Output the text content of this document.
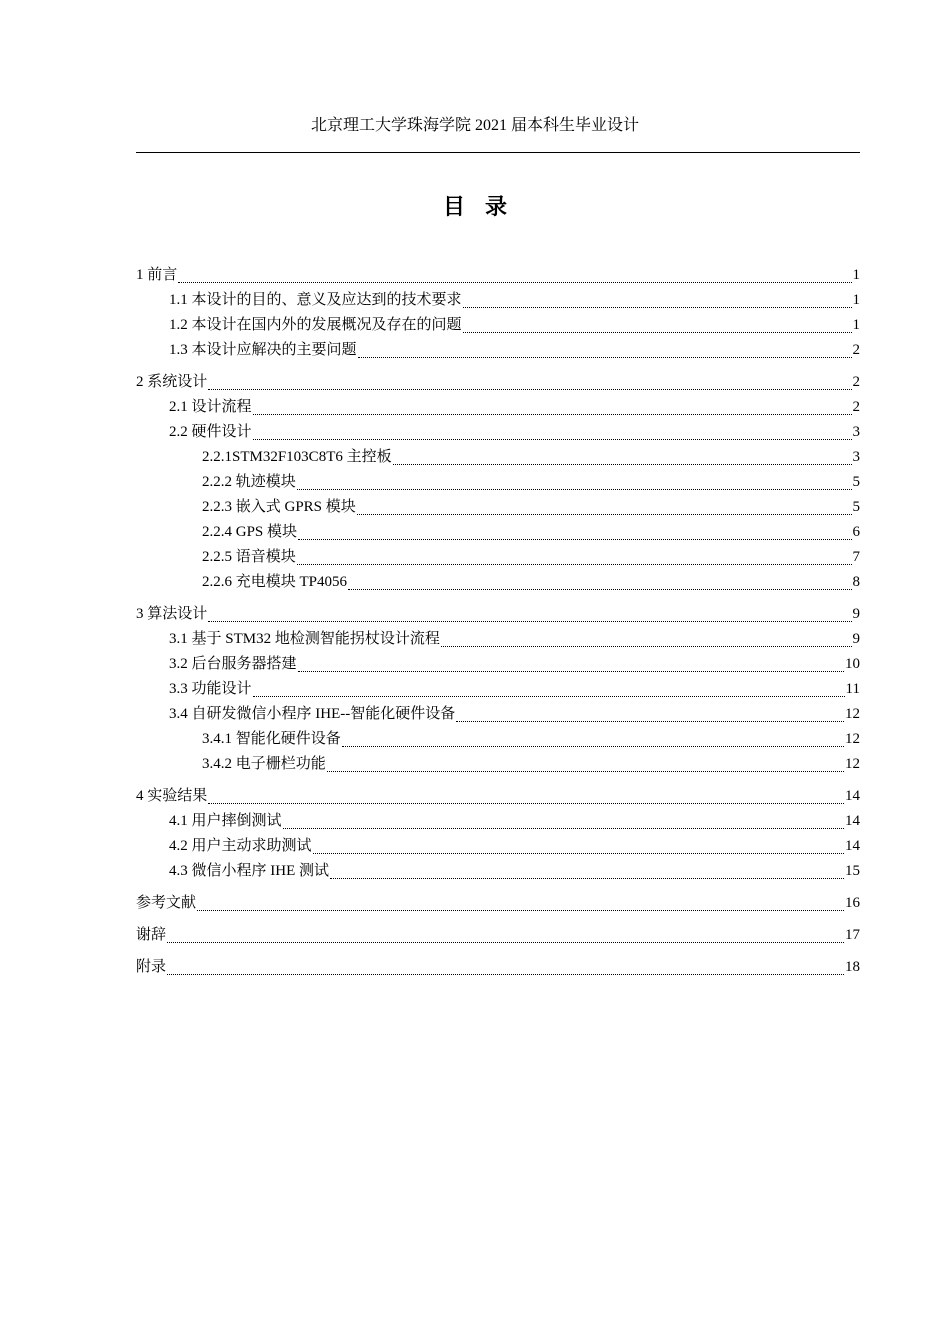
北京理工大学珠海学院 2021 届本科生毕业设计
目录
1 前言	1
1.1 本设计的目的、意义及应达到的技术要求	1
1.2 本设计在国内外的发展概况及存在的问题	1
1.3 本设计应解决的主要问题	2
2 系统设计	2
2.1 设计流程	2
2.2 硬件设计	3
2.2.1STM32F103C8T6 主控板	3
2.2.2 轨迹模块	5
2.2.3 嵌入式 GPRS 模块	5
2.2.4 GPS 模块	6
2.2.5 语音模块	7
2.2.6 充电模块 TP4056	8
3 算法设计	9
3.1 基于 STM32 地检测智能拐杖设计流程	9
3.2 后台服务器搭建	10
3.3 功能设计	11
3.4 自研发微信小程序 IHE--智能化硬件设备	12
3.4.1 智能化硬件设备	12
3.4.2 电子栅栏功能	12
4 实验结果	14
4.1 用户摔倒测试	14
4.2 用户主动求助测试	14
4.3 微信小程序 IHE 测试	15
参考文献	16
谢辞	17
附录	18
